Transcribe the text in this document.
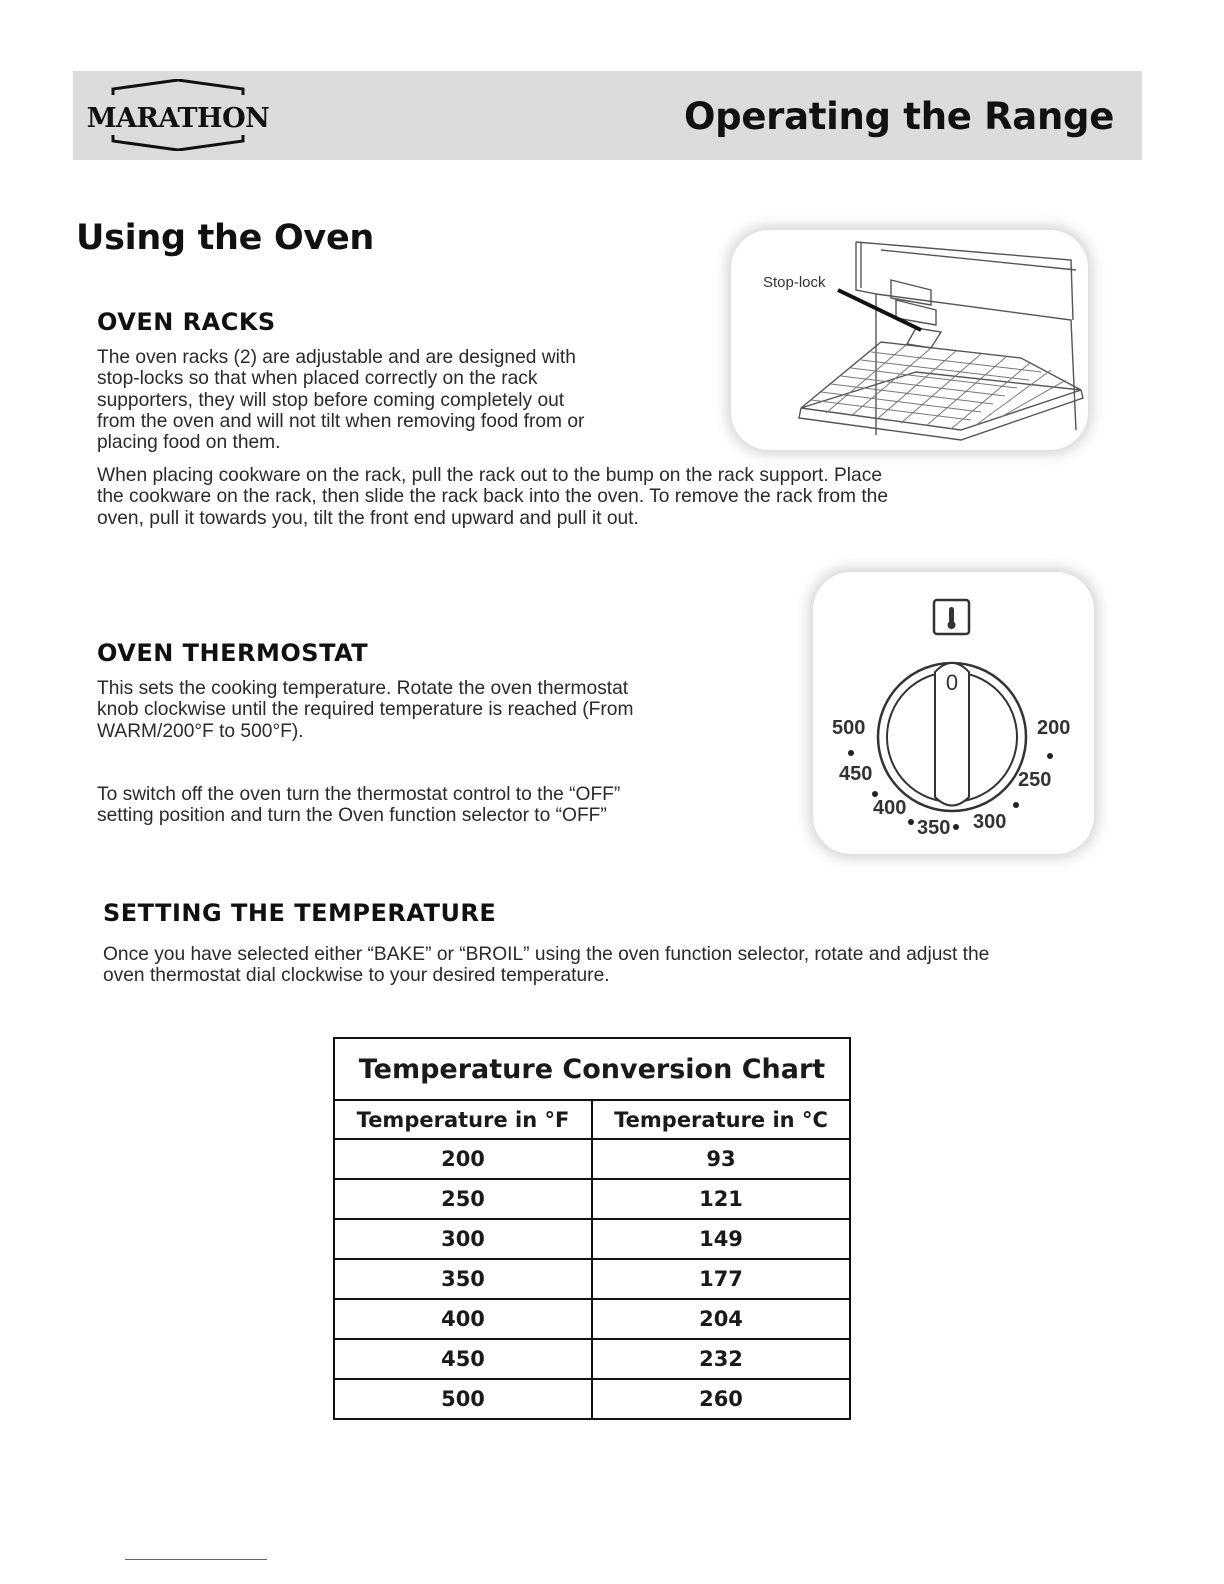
MARATHON	Operating the Range
Using the Oven
OVEN RACKS
The oven racks (2) are adjustable and are designed with
stop-locks so that when placed correctly on the rack
supporters, they will stop before coming completely out
from the oven and will not tilt when removing food from or
placing food on them.
When placing cookware on the rack, pull the rack out to the bump on the rack support. Place
the cookware on the rack, then slide the rack back into the oven. To remove the rack from the
oven, pull it towards you, tilt the front end upward and pull it out.
Stop-lock
OVEN THERMOSTAT
This sets the cooking temperature. Rotate the oven thermostat
knob clockwise until the required temperature is reached (From
WARM/200°F to 500°F).
To switch off the oven turn the thermostat control to the “OFF”
setting position and turn the Oven function selector to “OFF”
0
500
450
400
350 300
250
200
SETTING THE TEMPERATURE
Once you have selected either “BAKE” or “BROIL” using the oven function selector, rotate and adjust the
oven thermostat dial clockwise to your desired temperature.
Temperature Conversion Chart	
Temperature in °F	Temperature in °C
200	93
250	121
300	149
350	177
400	204
450	232
500	260
